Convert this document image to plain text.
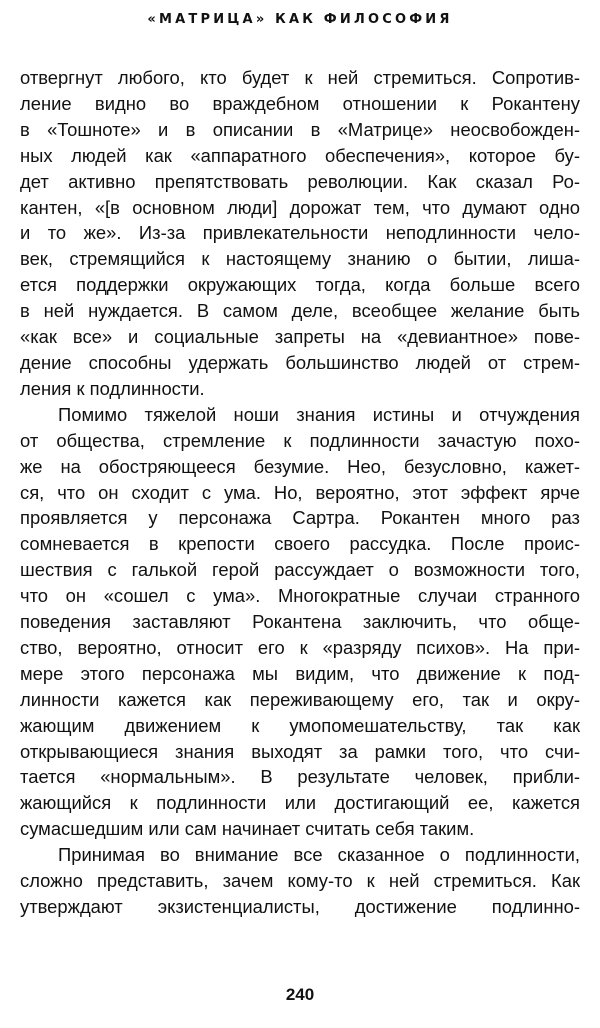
«МАТРИЦА» КАК ФИЛОСОФИЯ
отвергнут любого, кто будет к ней стремиться. Сопротив-
ление видно во враждебном отношении к Рокантену
в «Тошноте» и в описании в «Матрице» неосвобожден-
ных людей как «аппаратного обеспечения», которое бу-
дет активно препятствовать революции. Как сказал Ро-
кантен, «[в основном люди] дорожат тем, что думают одно
и то же». Из-за привлекательности неподлинности чело-
век, стремящийся к настоящему знанию о бытии, лиша-
ется поддержки окружающих тогда, когда больше всего
в ней нуждается. В самом деле, всеобщее желание быть
«как все» и социальные запреты на «девиантное» пове-
дение способны удержать большинство людей от стрем-
ления к подлинности.
Помимо тяжелой ноши знания истины и отчуждения
от общества, стремление к подлинности зачастую похо-
же на обостряющееся безумие. Нео, безусловно, кажет-
ся, что он сходит с ума. Но, вероятно, этот эффект ярче
проявляется у персонажа Сартра. Рокантен много раз
сомневается в крепости своего рассудка. После проис-
шествия с галькой герой рассуждает о возможности того,
что он «сошел с ума». Многократные случаи странного
поведения заставляют Рокантена заключить, что обще-
ство, вероятно, относит его к «разряду психов». На при-
мере этого персонажа мы видим, что движение к под-
линности кажется как переживающему его, так и окру-
жающим движением к умопомешательству, так как
открывающиеся знания выходят за рамки того, что счи-
тается «нормальным». В результате человек, прибли-
жающийся к подлинности или достигающий ее, кажется
сумасшедшим или сам начинает считать себя таким.
Принимая во внимание все сказанное о подлинности,
сложно представить, зачем кому-то к ней стремиться. Как
утверждают экзистенциалисты, достижение подлинно-
240
